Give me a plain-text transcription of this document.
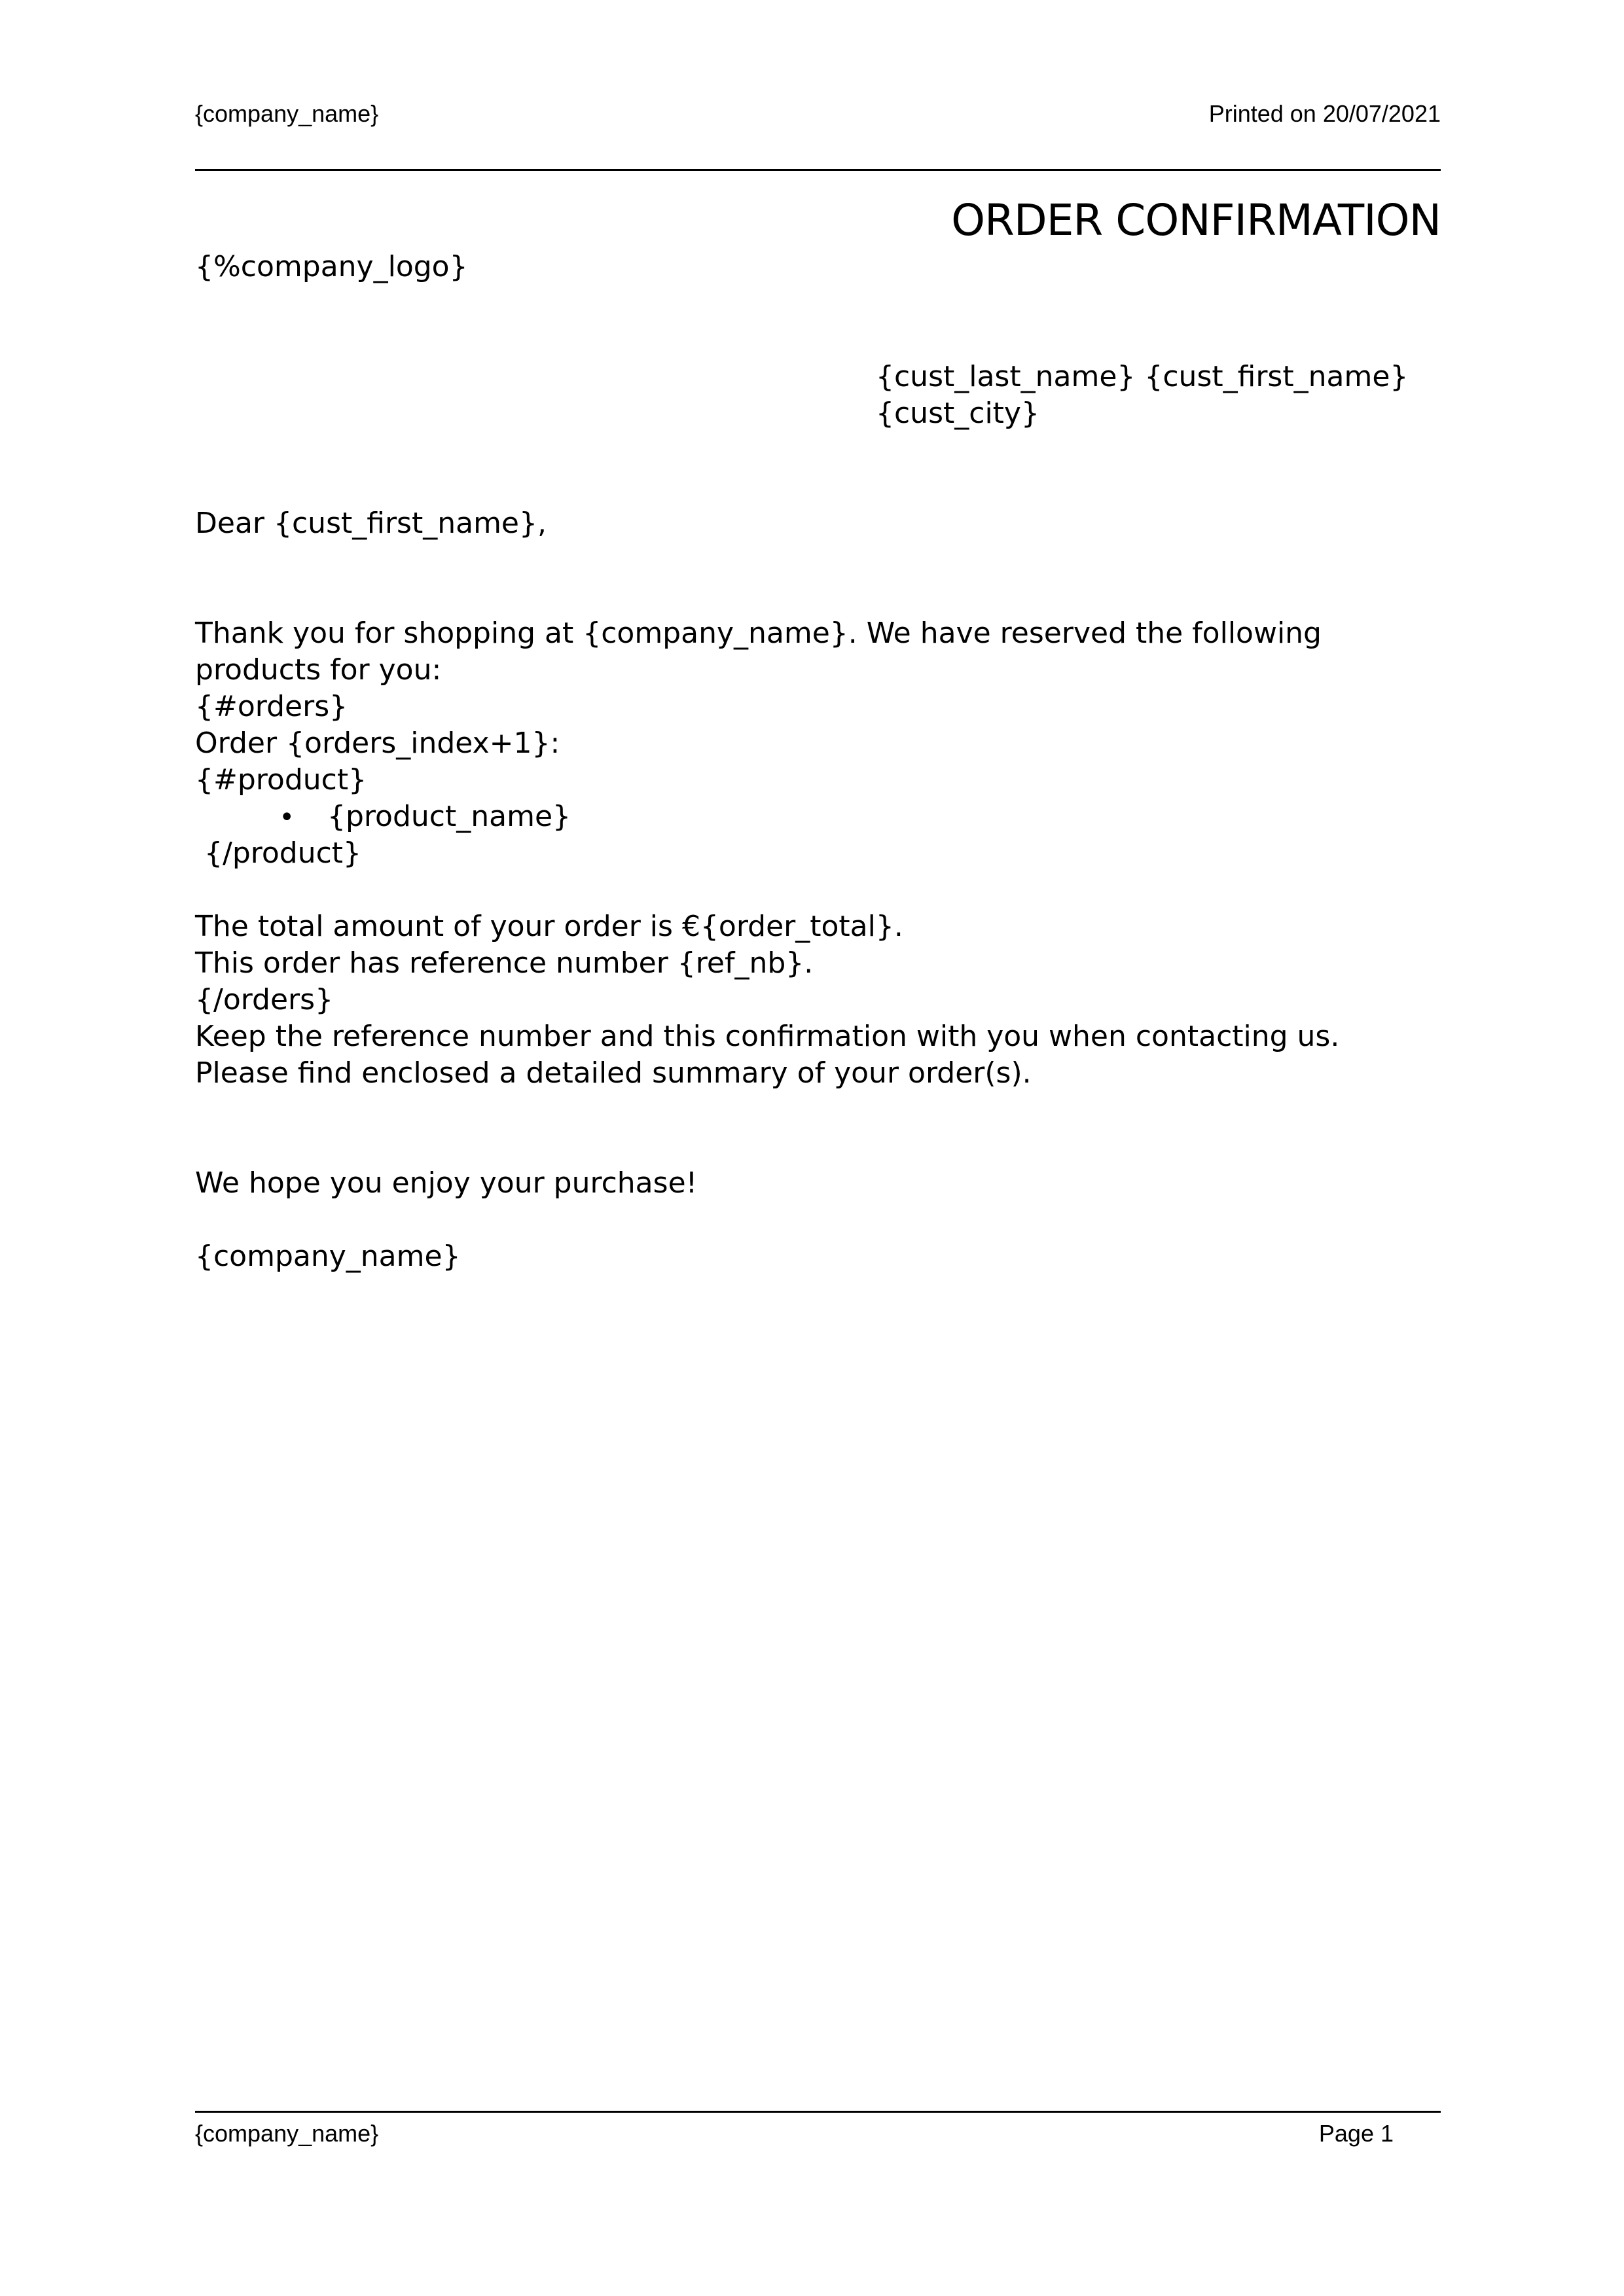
{company_name}	Printed on 20/07/2021
ORDER CONFIRMATION
{%company_logo}
{cust_last_name} {cust_first_name}
{cust_city}
Dear {cust_first_name},
Thank you for shopping at {company_name}. We have reserved the following products for you:
{#orders}
Order {orders_index+1}:
{#product}
•	{product_name}
{/product}
The total amount of your order is €{order_total}.
This order has reference number {ref_nb}.
{/orders}
Keep the reference number and this confirmation with you when contacting us.
Please find enclosed a detailed summary of your order(s).
We hope you enjoy your purchase!
{company_name}
{company_name}	Page 1
